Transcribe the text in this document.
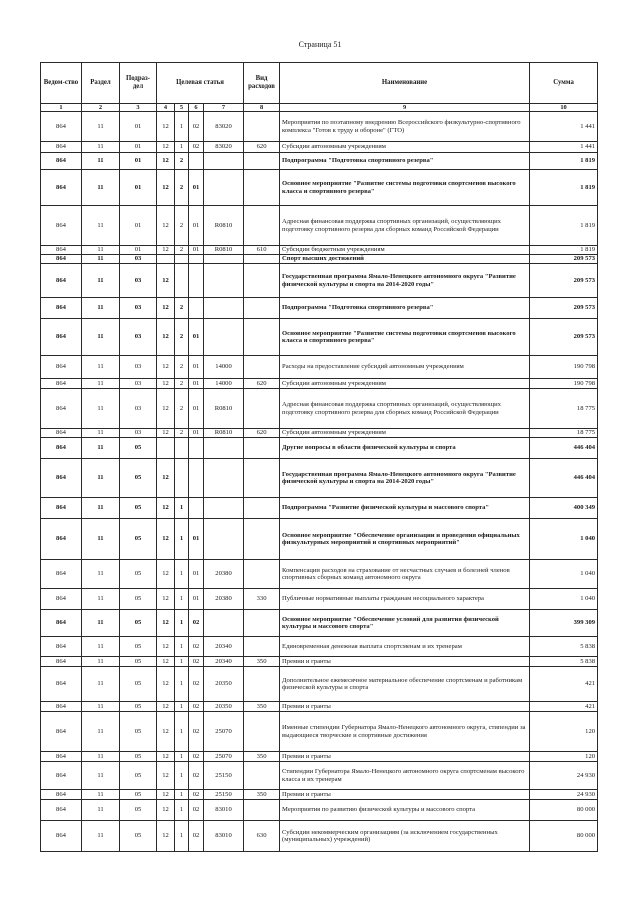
Страница 51
Ведом-ство	Раздел	Подраз-дел	Целевая статья				Вид расходов	Наименование	Сумма
1	2	3	4	5	6	7	8	9	10
864	11	01	12	1	02	83020		Мероприятия по поэтапному внедрению Всероссийского физкультурно-спортивного комплекса "Готов к труду и обороне" (ГТО)	1 441
864	11	01	12	1	02	83020	620	Субсидии автономным учреждениям	1 441
864	11	01	12	2				Подпрограмма "Подготовка спортивного резерва"	1 819
864	11	01	12	2	01			Основное мероприятие "Развитие системы подготовки спортсменов высокого класса и спортивного резерва"	1 819
864	11	01	12	2	01	R0810		Адресная финансовая поддержка спортивных организаций, осуществляющих подготовку спортивного резерва для сборных команд Российской Федерации	1 819
864	11	01	12	2	01	R0810	610	Субсидии бюджетным учреждениям	1 819
864	11	03						Спорт высших достижений	209 573
864	11	03	12					Государственная программа Ямало-Ненецкого автономного округа "Развитие физической культуры и спорта на 2014-2020 годы"	209 573
864	11	03	12	2				Подпрограмма "Подготовка спортивного резерва"	209 573
864	11	03	12	2	01			Основное мероприятие "Развитие системы подготовки спортсменов высокого класса и спортивного резерва"	209 573
864	11	03	12	2	01	14000		Расходы на предоставление субсидий автономным учреждениям	190 798
864	11	03	12	2	01	14000	620	Субсидии автономным учреждениям	190 798
864	11	03	12	2	01	R0810		Адресная финансовая поддержка спортивных организаций, осуществляющих подготовку спортивного резерва для сборных команд Российской Федерации	18 775
864	11	03	12	2	01	R0810	620	Субсидии автономным учреждениям	18 775
864	11	05						Другие вопросы в области физической культуры и спорта	446 404
864	11	05	12					Государственная программа Ямало-Ненецкого автономного округа "Развитие физической культуры и спорта на 2014-2020 годы"	446 404
864	11	05	12	1				Подпрограмма "Развитие физической культуры и массового спорта"	400 349
864	11	05	12	1	01			Основное мероприятие "Обеспечение организации и проведения официальных физкультурных мероприятий и спортивных мероприятий"	1 040
864	11	05	12	1	01	20380		Компенсации расходов на страхование от несчастных случаев и болезней членов спортивных сборных команд автономного округа	1 040
864	11	05	12	1	01	20380	330	Публичные нормативные выплаты гражданам несоциального характера	1 040
864	11	05	12	1	02			Основное мероприятие "Обеспечение условий для развития физической культуры и массового спорта"	399 309
864	11	05	12	1	02	20340		Единовременная денежная выплата спортсменам и их тренерам	5 838
864	11	05	12	1	02	20340	350	Премии и гранты	5 838
864	11	05	12	1	02	20350		Дополнительное ежемесячное материальное обеспечение спортсменам и работникам физической культуры и спорта	421
864	11	05	12	1	02	20350	350	Премии и гранты	421
864	11	05	12	1	02	25070		Именные стипендии Губернатора Ямало-Ненецкого автономного округа, стипендии за выдающиеся творческие и спортивные достижения	120
864	11	05	12	1	02	25070	350	Премии и гранты	120
864	11	05	12	1	02	25150		Стипендии Губернатора Ямало-Ненецкого автономного округа спортсменам высокого класса и их тренерам	24 930
864	11	05	12	1	02	25150	350	Премии и гранты	24 930
864	11	05	12	1	02	83010		Мероприятия по развитию физической культуры и массового спорта	80 000
864	11	05	12	1	02	83010	630	Субсидии некоммерческим организациям (за исключением государственных (муниципальных) учреждений)	80 000
